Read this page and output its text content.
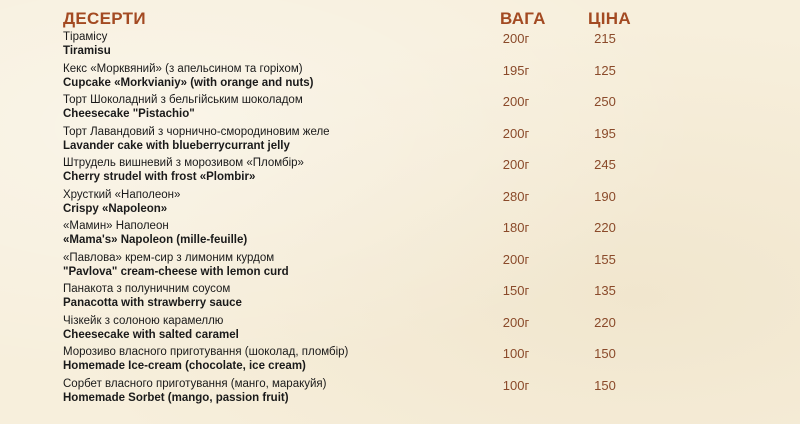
ДЕСЕРТИ	ВАГА ЦІНА
Тірамісу
Tiramisu
200г	215
Кекс «Морквяний» (з апельсином та горіхом)
Cupcake «Morkvianiy» (with orange and nuts)
195г	125
Торт Шоколадний з бельгійським шоколадом
Cheesecake "Pistachio"
200г	250
Торт Лавандовий з чорнично-смородиновим желе
Lavander cake with blueberrycurrant jelly
200г	195
Штрудель вишневий з морозивом «Пломбір»
Cherry strudel with frost «Plombir»
200г	245
Хрусткий «Наполеон»
Crispy «Napoleon»
280г	190
«Мамин» Наполеон
«Mama's» Napoleon (mille-feuille)
180г	220
«Павлова» крем-сир з лимоним курдом
"Pavlova" cream-cheese with lemon curd
200г	155
Панакота з полуничним соусом
Panacotta with strawberry sauce
150г	135
Чізкейк з солоною карамеллю
Cheesecake with salted caramel
200г	220
Морозиво власного приготування (шоколад, пломбір)
Homemade Ice-cream (chocolate, ice cream)
100г	150
Сорбет власного приготування (манго, маракуйя)
Homemade Sorbet (mango, passion fruit)
100г	150
